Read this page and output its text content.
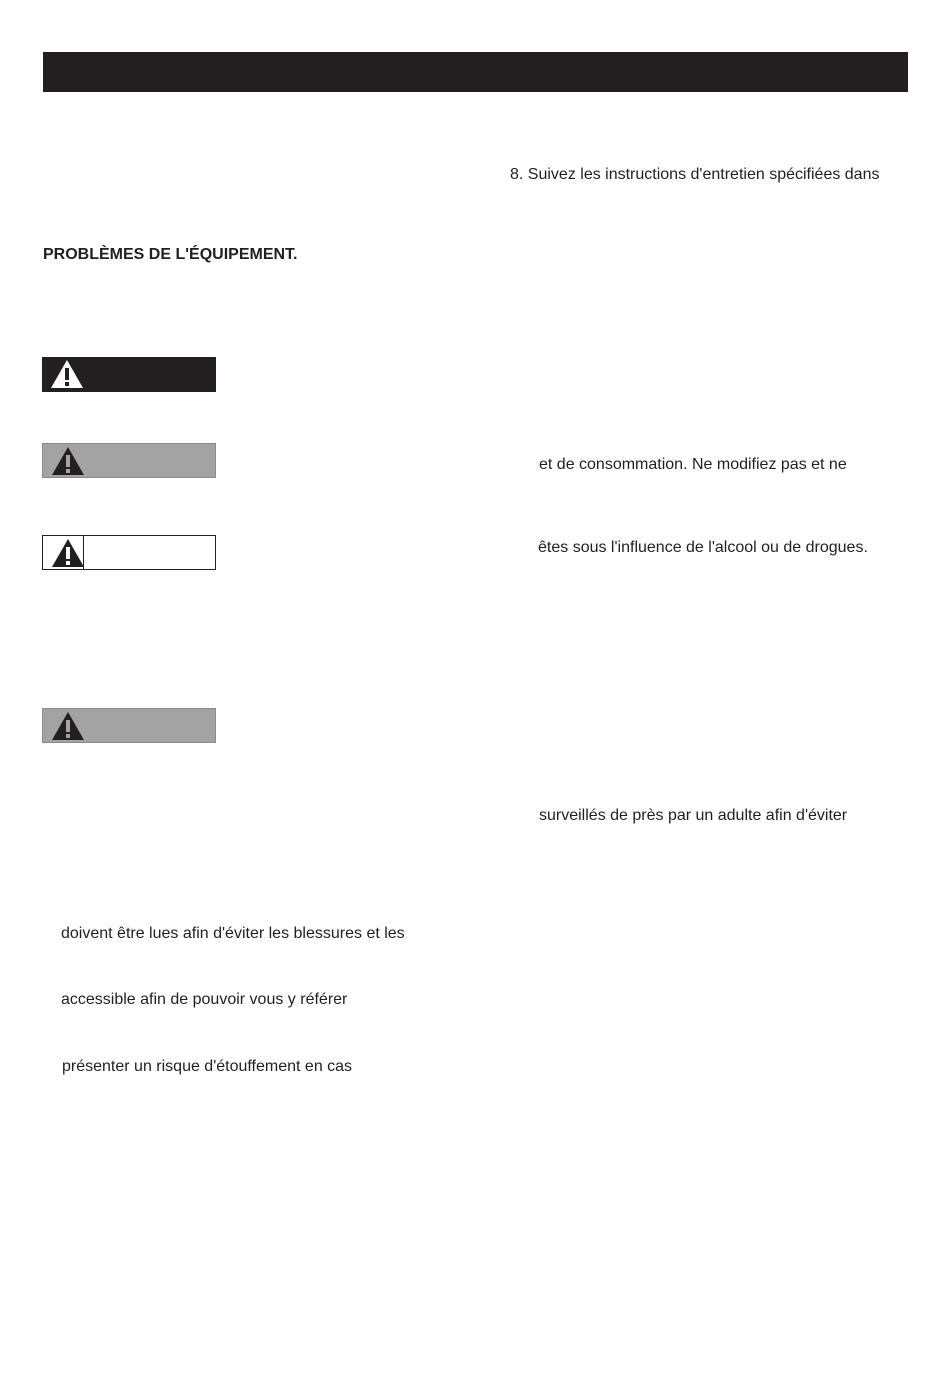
8. Suivez les instructions d'entretien spécifiées dans
PROBLÈMES DE L'ÉQUIPEMENT.
et de consommation. Ne modifiez pas et ne
êtes sous l'influence de l'alcool ou de drogues.
surveillés de près par un adulte afin d'éviter
doivent être lues afin d'éviter les blessures et les
accessible afin de pouvoir vous y référer
présenter un risque d'étouffement en cas
